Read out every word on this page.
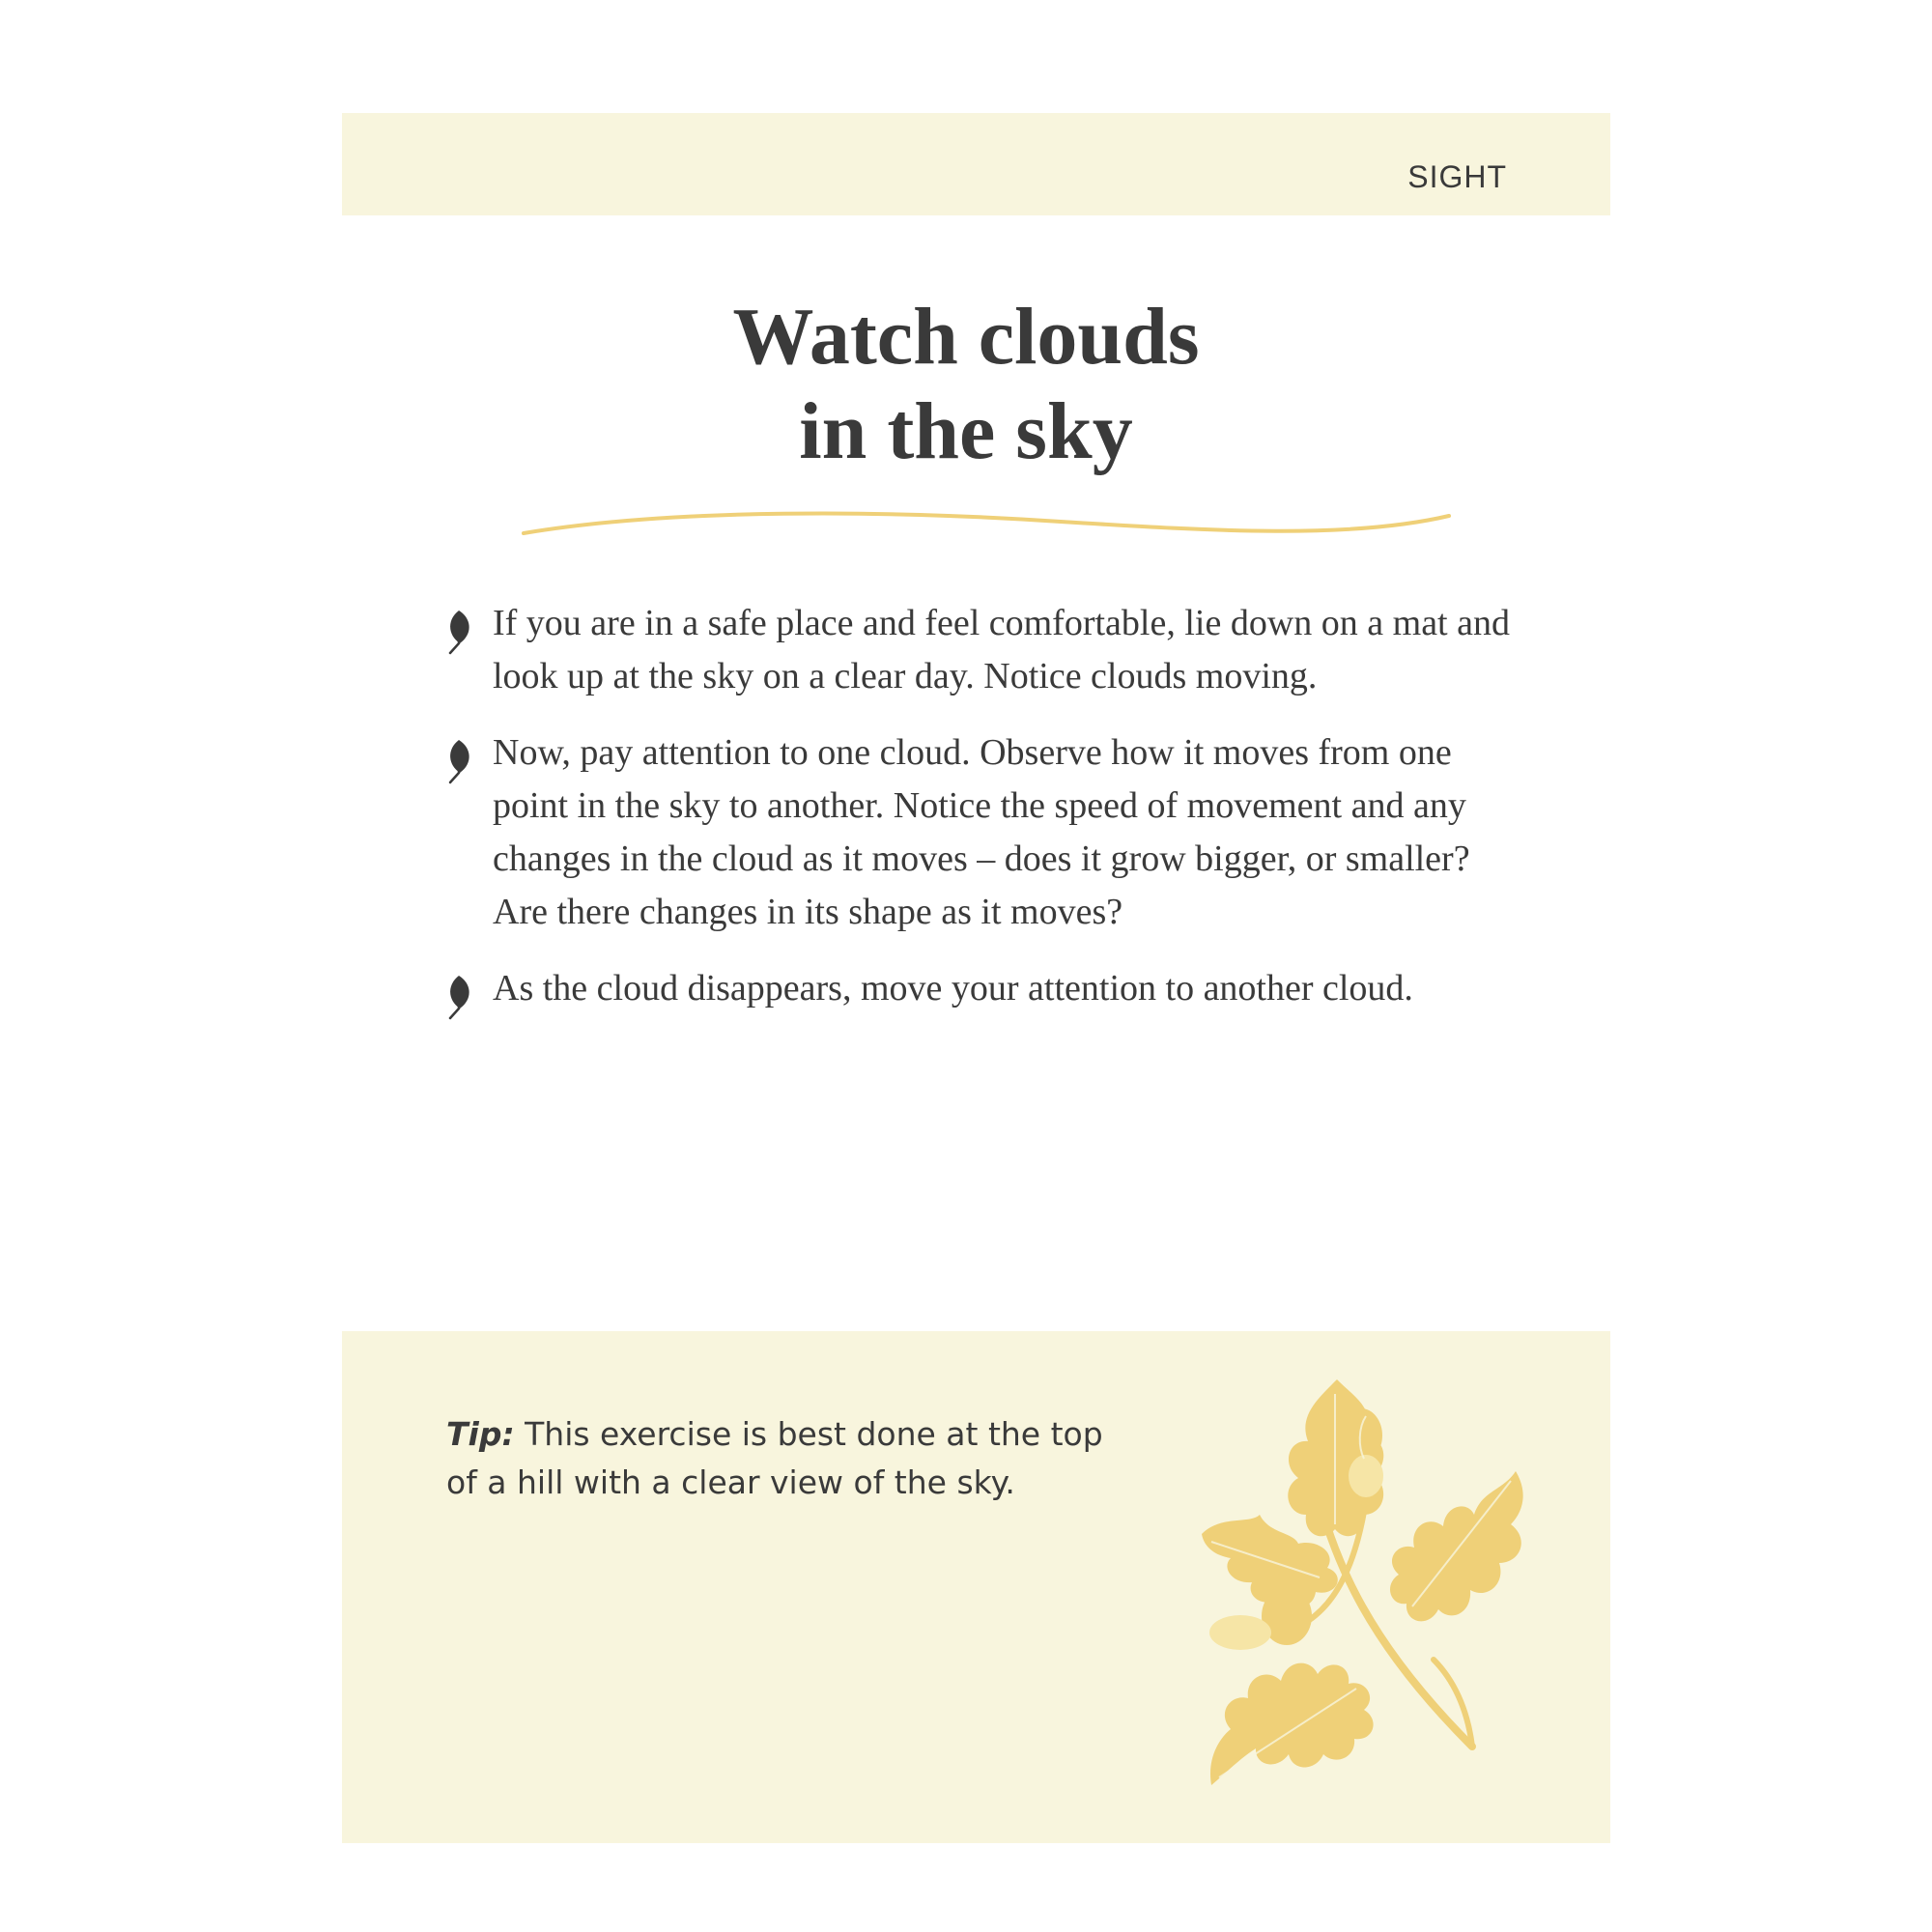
SIGHT
Watch clouds
in the sky
If you are in a safe place and feel comfortable, lie down on a mat and look up at the sky on a clear day. Notice clouds moving.
Now, pay attention to one cloud. Observe how it moves from one point in the sky to another. Notice the speed of movement and any changes in the cloud as it moves – does it grow bigger, or smaller? Are there changes in its shape as it moves?
As the cloud disappears, move your attention to another cloud.
Tip: This exercise is best done at the top of a hill with a clear view of the sky.
